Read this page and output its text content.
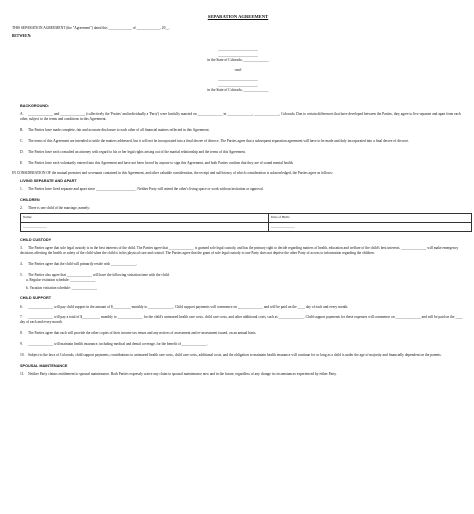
SEPARATION AGREEMENT

THIS SEPARATION AGREEMENT (the "Agreement") dated this _____________ of _____________, 20__.

BETWEEN:

______________________
______________________
in the State of Colorado, ______________
-and-
______________________
______________________
in the State of Colorado, ______________
BACKGROUND:

A. ______________ and ______________ (collectively the 'Parties' and individually a 'Party') were lawfully married on ______________ in ______________, ______________, Colorado. Due to certain differences that have developed between the Parties, they agree to live separate and apart from each other, subject to the terms and conditions in this Agreement.

B. The Parties have made complete, fair and accurate disclosure to each other of all financial matters reflected in this Agreement.

C. The terms of this Agreement are intended to settle the matters addressed, but it will not be incorporated into a final decree of divorce. The Parties agree that a subsequent separation agreement will have to be made and duly incorporated into a final decree of divorce.

D. The Parties have each consulted an attorney with regard to his or her legal rights arising out of the marital relationship and the terms of this Agreement.

E. The Parties have each voluntarily entered into this Agreement and have not been forced by anyone to sign this Agreement, and both Parties confirm that they are of sound mental health.

IN CONSIDERATION OF the mutual promises and covenants contained in this Agreement, and other valuable consideration, the receipt and sufficiency of which consideration is acknowledged, the Parties agree as follows:

LIVING SEPARATE AND APART

1. The Parties have lived separate and apart since ______________________. Neither Party will attend the other's living space or work without invitation or approval.

CHILDREN

2. There is one child of the marriage, namely:

Name:	Date of Birth:
______________	______________
CHILD CUSTODY

3. The Parties agree that sole legal custody is in the best interests of the child. The Parties agree that ______________ is granted sole legal custody, and has the primary right to decide regarding matters of health, education and welfare of the child's best interests. ______________ will make emergency decisions affecting the health or safety of the child when the child is in his physical care and control. The Parties agree that the grant of sole legal custody to one Party does not deprive the other Party of access to information regarding the children.

4. The Parties agree that the child will primarily reside with ______________.

5. The Parties also agree that ______________ will have the following visitation time with the child:

a. Regular visitation schedule: ______________

b. Vacation visitation schedule: ______________

CHILD SUPPORT

6. ______________ will pay child support in the amount of $__________ monthly to ______________. Child support payments will commence on ______________ and will be paid on the ____ day of each and every month.

7. ______________ will pay a total of $__________ monthly to ______________ for the child's uninsured health care costs, child care costs, and other additional costs, such as ______________. Child support payments for these expenses will commence on ______________ and will be paid on the ____ day of each and every month.

8. The Parties agree that each will provide the other copies of their income tax return and any notices of assessment and re-assessment issued, on an annual basis.

9. ______________ will maintain health insurance, including medical and dental coverage, for the benefit of ______________.

10. Subject to the laws of Colorado, child support payments, contributions to uninsured health care costs, child care costs, additional costs, and the obligation to maintain health insurance will continue for so long as a child is under the age of majority and financially dependent on the parents.

SPOUSAL MAINTENANCE

11. Neither Party claims entitlement to spousal maintenance. Both Parties expressly waive any claim to spousal maintenance now and in the future, regardless of any change in circumstances experienced by either Party.
